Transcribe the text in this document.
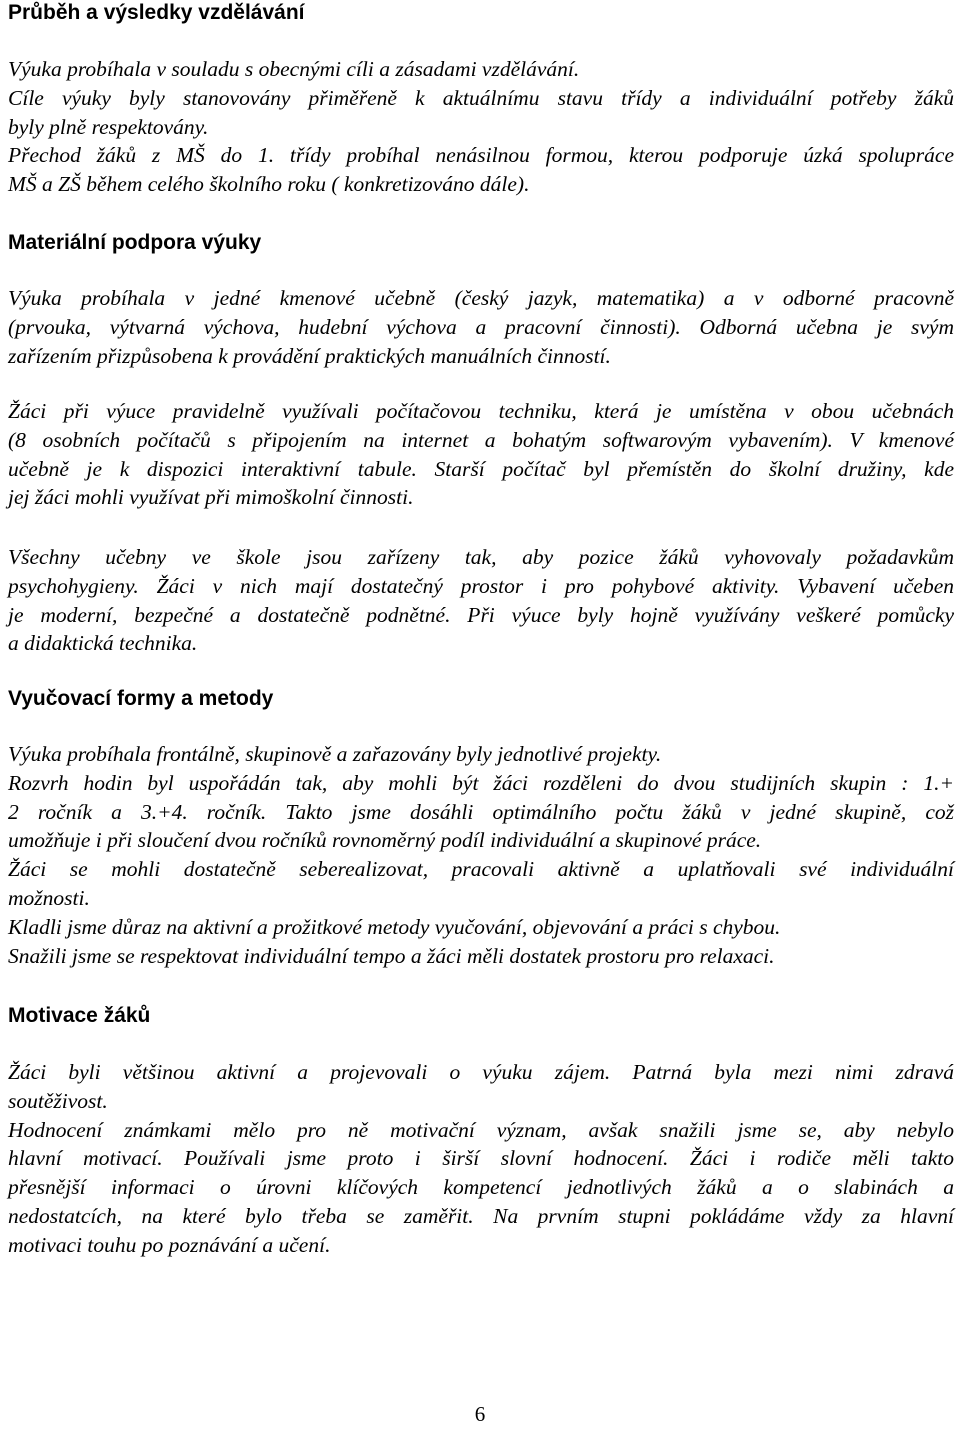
Průběh a výsledky vzdělávání
Výuka probíhala v souladu s obecnými cíli a zásadami vzdělávání.
Cíle výuky byly stanovovány přiměřeně k aktuálnímu stavu třídy a individuální potřeby žáků
byly plně respektovány.
Přechod žáků z MŠ do 1. třídy probíhal nenásilnou formou, kterou podporuje úzká spolupráce
MŠ a ZŠ během celého školního roku ( konkretizováno dále).
Materiální podpora výuky
Výuka probíhala v jedné kmenové učebně (český jazyk, matematika) a v odborné pracovně
(prvouka, výtvarná výchova, hudební výchova a pracovní činnosti). Odborná učebna je svým
zařízením přizpůsobena k provádění praktických manuálních činností.
Žáci při výuce pravidelně využívali počítačovou techniku, která je umístěna v obou učebnách
(8 osobních počítačů s připojením na internet a bohatým softwarovým vybavením). V kmenové
učebně je k dispozici interaktivní tabule. Starší počítač byl přemístěn do školní družiny, kde
jej žáci mohli využívat při mimoškolní činnosti.
Všechny učebny ve škole jsou zařízeny tak, aby pozice žáků vyhovovaly požadavkům
psychohygieny. Žáci v nich mají dostatečný prostor i pro pohybové aktivity. Vybavení učeben
je moderní, bezpečné a dostatečně podnětné. Při výuce byly hojně využívány veškeré pomůcky
a didaktická technika.
Vyučovací formy a metody
Výuka probíhala frontálně, skupinově a zařazovány byly jednotlivé projekty.
Rozvrh hodin byl uspořádán tak, aby mohli být žáci rozděleni do dvou studijních skupin : 1.+
2 ročník a 3.+4. ročník. Takto jsme dosáhli optimálního počtu žáků v jedné skupině, což
umožňuje i při sloučení dvou ročníků rovnoměrný podíl individuální a skupinové práce.
Žáci se mohli dostatečně seberealizovat, pracovali aktivně a uplatňovali své individuální
možnosti.
Kladli jsme důraz na aktivní a prožitkové metody vyučování, objevování a práci s chybou.
Snažili jsme se respektovat individuální tempo a žáci měli dostatek prostoru pro relaxaci.
Motivace žáků
Žáci byli většinou aktivní a projevovali o výuku zájem. Patrná byla mezi nimi zdravá
soutěživost.
Hodnocení známkami mělo pro ně motivační význam, avšak snažili jsme se, aby nebylo
hlavní motivací. Používali jsme proto i širší slovní hodnocení. Žáci i rodiče měli takto
přesnější informaci o úrovni klíčových kompetencí jednotlivých žáků a o slabinách a
nedostatcích, na které bylo třeba se zaměřit. Na prvním stupni pokládáme vždy za hlavní
motivaci touhu po poznávání a učení.
6
